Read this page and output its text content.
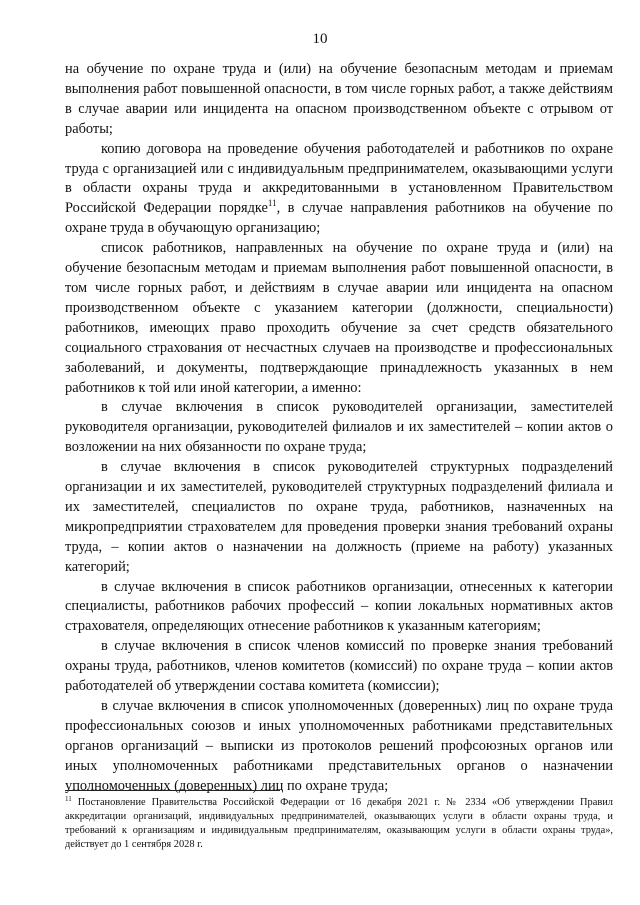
10

на обучение по охране труда и (или) на обучение безопасным методам и приемам выполнения работ повышенной опасности, в том числе горных работ, а также действиям в случае аварии или инцидента на опасном производственном объекте с отрывом от работы;

копию договора на проведение обучения работодателей и работников по охране труда с организацией или с индивидуальным предпринимателем, оказывающими услуги в области охраны труда и аккредитованными в установленном Правительством Российской Федерации порядке$^{11}$, в случае направления работников на обучение по охране труда в обучающую организацию;

список работников, направленных на обучение по охране труда и (или) на обучение безопасным методам и приемам выполнения работ повышенной опасности, в том числе горных работ, и действиям в случае аварии или инцидента на опасном производственном объекте с указанием категории (должности, специальности) работников, имеющих право проходить обучение за счет средств обязательного социального страхования от несчастных случаев на производстве и профессиональных заболеваний, и документы, подтверждающие принадлежность указанных в нем работников к той или иной категории, а именно:

в случае включения в список руководителей организации, заместителей руководителя организации, руководителей филиалов и их заместителей – копии актов о возложении на них обязанности по охране труда;

в случае включения в список руководителей структурных подразделений организации и их заместителей, руководителей структурных подразделений филиала и их заместителей, специалистов по охране труда, работников, назначенных на микропредприятии страхователем для проведения проверки знания требований охраны труда, – копии актов о назначении на должность (приеме на работу) указанных категорий;

в случае включения в список работников организации, отнесенных к категории специалисты, работников рабочих профессий – копии локальных нормативных актов страхователя, определяющих отнесение работников к указанным категориям;

в случае включения в список членов комиссий по проверке знания требований охраны труда, работников, членов комитетов (комиссий) по охране труда – копии актов работодателей об утверждении состава комитета (комиссии);

в случае включения в список уполномоченных (доверенных) лиц по охране труда профессиональных союзов и иных уполномоченных работниками представительных органов организаций – выписки из протоколов решений профсоюзных органов или иных уполномоченных работниками представительных органов о назначении уполномоченных (доверенных) лиц по охране труда;

$^{11}$ Постановление Правительства Российской Федерации от 16 декабря 2021 г. № 2334 «Об утверждении Правил аккредитации организаций, индивидуальных предпринимателей, оказывающих услуги в области охраны труда, и требований к организациям и индивидуальным предпринимателям, оказывающим услуги в области охраны труда», действует до 1 сентября 2028 г.
